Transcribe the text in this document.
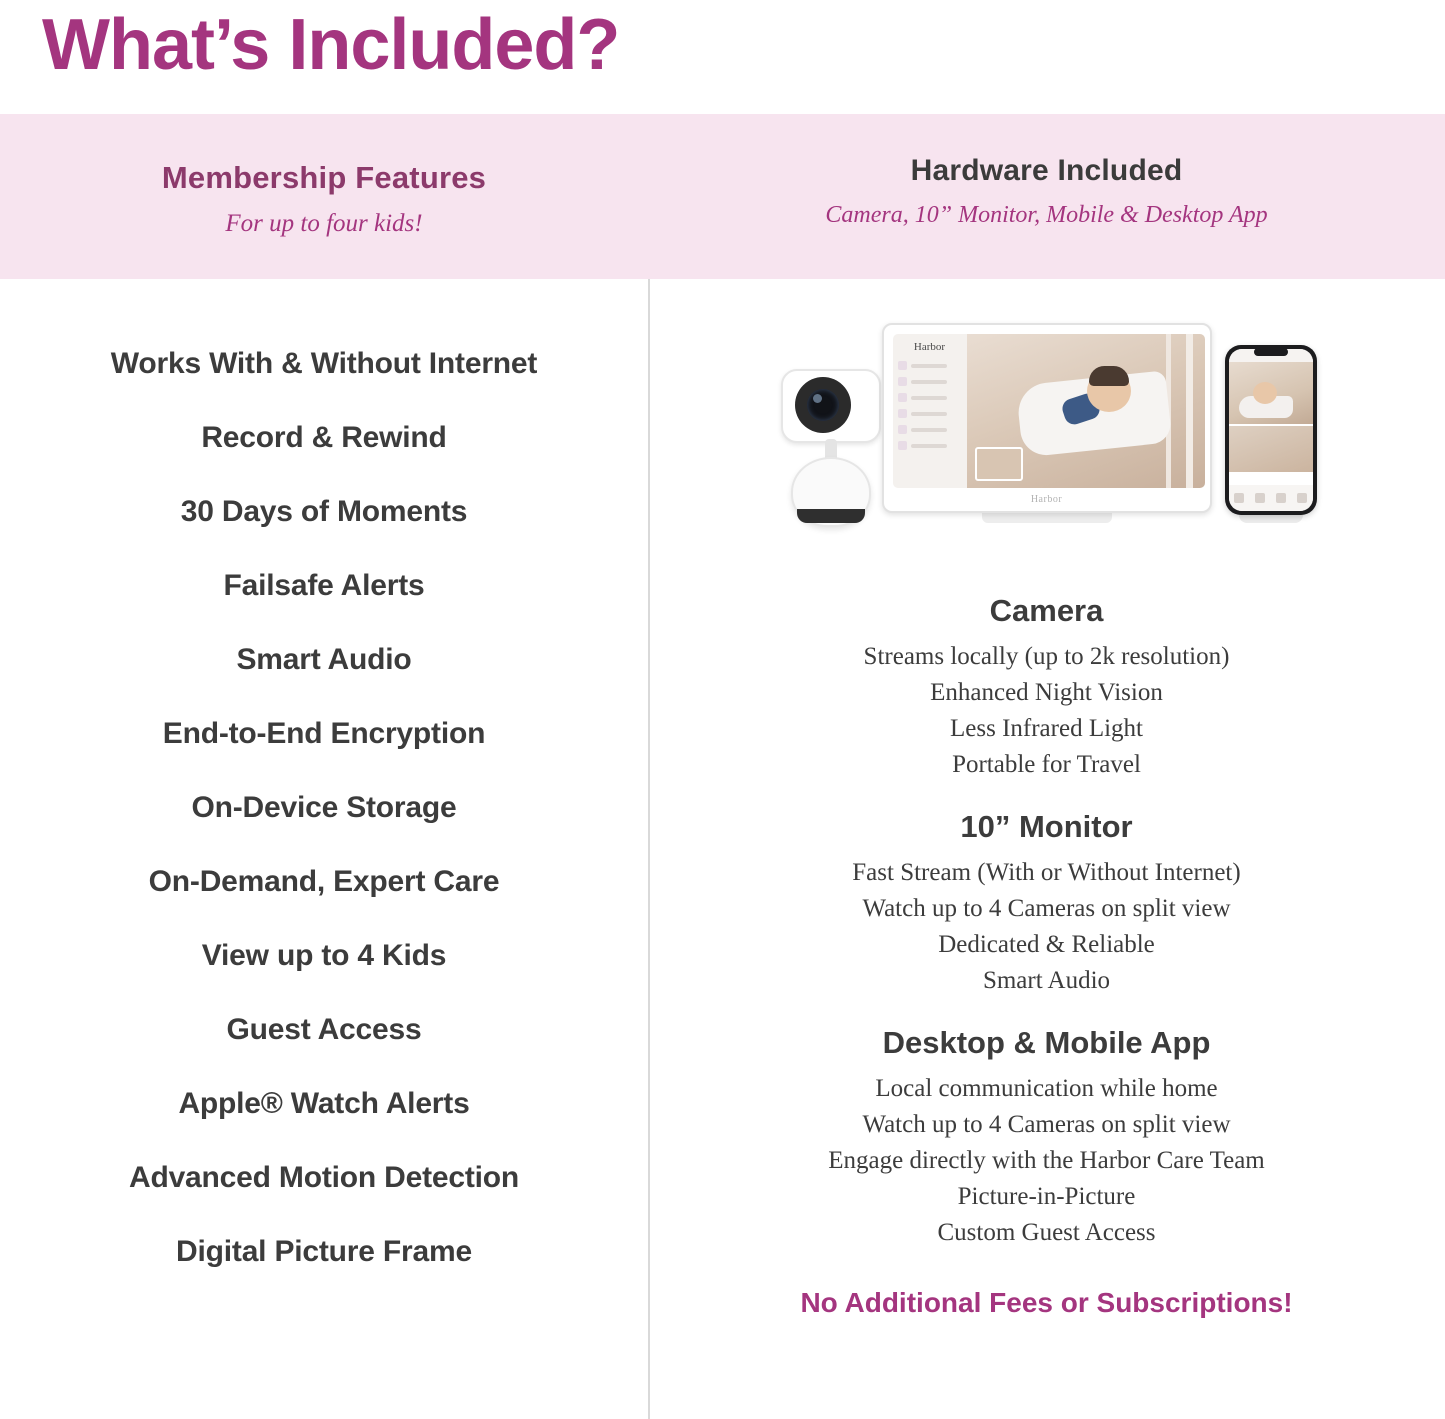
What’s Included?
Membership Features
For up to four kids!
Works With & Without Internet
Record & Rewind
30 Days of Moments
Failsafe Alerts
Smart Audio
End-to-End Encryption
On-Device Storage
On-Demand, Expert Care
View up to 4 Kids
Guest Access
Apple® Watch Alerts
Advanced Motion Detection
Digital Picture Frame
Hardware Included
Camera, 10” Monitor, Mobile & Desktop App
Harbor
Harbor
Camera
Streams locally (up to 2k resolution)
Enhanced Night Vision
Less Infrared Light
Portable for Travel
10” Monitor
Fast Stream (With or Without Internet)
Watch up to 4 Cameras on split view
Dedicated & Reliable
Smart Audio
Desktop & Mobile App
Local communication while home
Watch up to 4 Cameras on split view
Engage directly with the Harbor Care Team
Picture-in-Picture
Custom Guest Access
No Additional Fees or Subscriptions!
